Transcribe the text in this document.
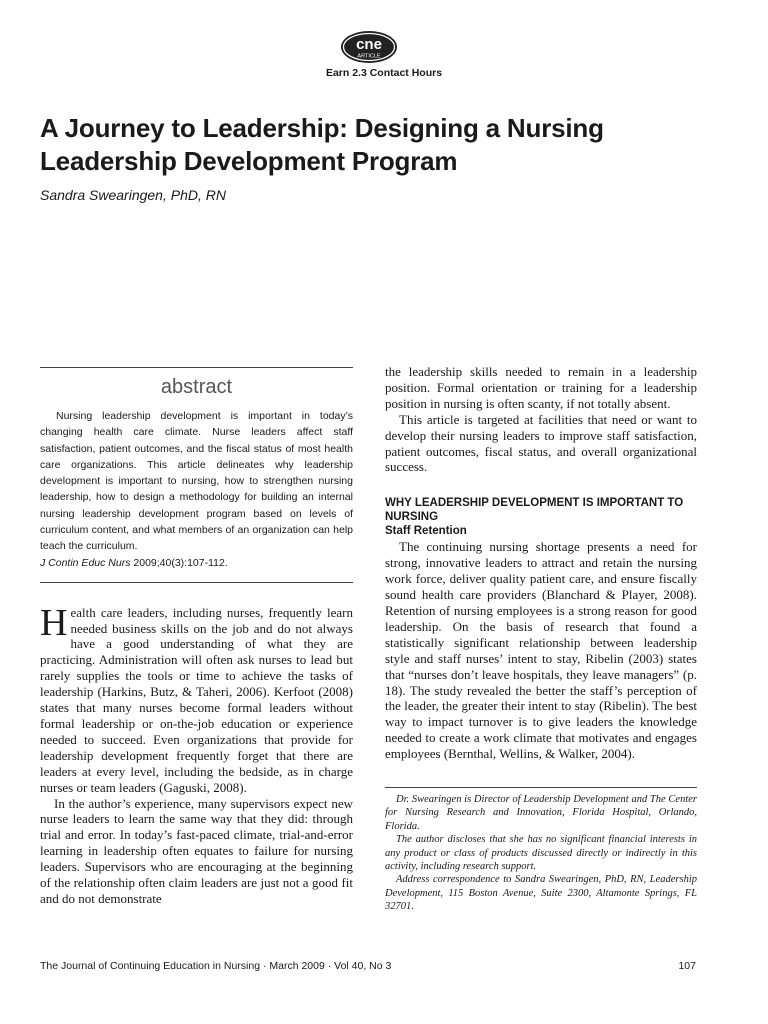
cne
ARTICLE
Earn 2.3 Contact Hours
A Journey to Leadership: Designing a Nursing Leadership Development Program

Sandra Swearingen, PhD, RN

abstract

Nursing leadership development is important in today’s changing health care climate. Nurse leaders affect staff satisfaction, patient outcomes, and the fiscal status of most health care organizations. This article delineates why leadership development is important to nursing, how to strengthen nursing leadership, how to design a methodology for building an internal nursing leadership development program based on levels of curriculum content, and what members of an organization can help teach the curriculum.

J Contin Educ Nurs 2009;40(3):107-112.

Health care leaders, including nurses, frequently learn needed business skills on the job and do not always have a good understanding of what they are practicing. Administration will often ask nurses to lead but rarely supplies the tools or time to achieve the tasks of leadership (Harkins, Butz, & Taheri, 2006). Kerfoot (2008) states that many nurses become formal leaders without formal leadership or on-the-job education or experience needed to succeed. Even organizations that provide for leadership development frequently forget that there are leaders at every level, including the bedside, as in charge nurses or team leaders (Gaguski, 2008).

In the author’s experience, many supervisors expect new nurse leaders to learn the same way that they did: through trial and error. In today’s fast-paced climate, trial-and-error learning in leadership often equates to failure for nursing leaders. Supervisors who are encouraging at the beginning of the relationship often claim leaders are just not a good fit and do not demonstrate

the leadership skills needed to remain in a leadership position. Formal orientation or training for a leadership position in nursing is often scanty, if not totally absent.

This article is targeted at facilities that need or want to develop their nursing leaders to improve staff satisfaction, patient outcomes, fiscal status, and overall organizational success.

WHY LEADERSHIP DEVELOPMENT IS IMPORTANT TO NURSING
Staff Retention

The continuing nursing shortage presents a need for strong, innovative leaders to attract and retain the nursing work force, deliver quality patient care, and ensure fiscally sound health care providers (Blanchard & Player, 2008). Retention of nursing employees is a strong reason for good leadership. On the basis of research that found a statistically significant relationship between leadership style and staff nurses’ intent to stay, Ribelin (2003) states that “nurses don’t leave hospitals, they leave managers” (p. 18). The study revealed the better the staff’s perception of the leader, the greater their intent to stay (Ribelin). The best way to impact turnover is to give leaders the knowledge needed to create a work climate that motivates and engages employees (Bernthal, Wellins, & Walker, 2004).

Dr. Swearingen is Director of Leadership Development and The Center for Nursing Research and Innovation, Florida Hospital, Orlando, Florida.

The author discloses that she has no significant financial interests in any product or class of products discussed directly or indirectly in this activity, including research support.

Address correspondence to Sandra Swearingen, PhD, RN, Leadership Development, 115 Boston Avenue, Suite 2300, Altamonte Springs, FL 32701.

The Journal of Continuing Education in Nursing · March 2009 · Vol 40, No 3	107
